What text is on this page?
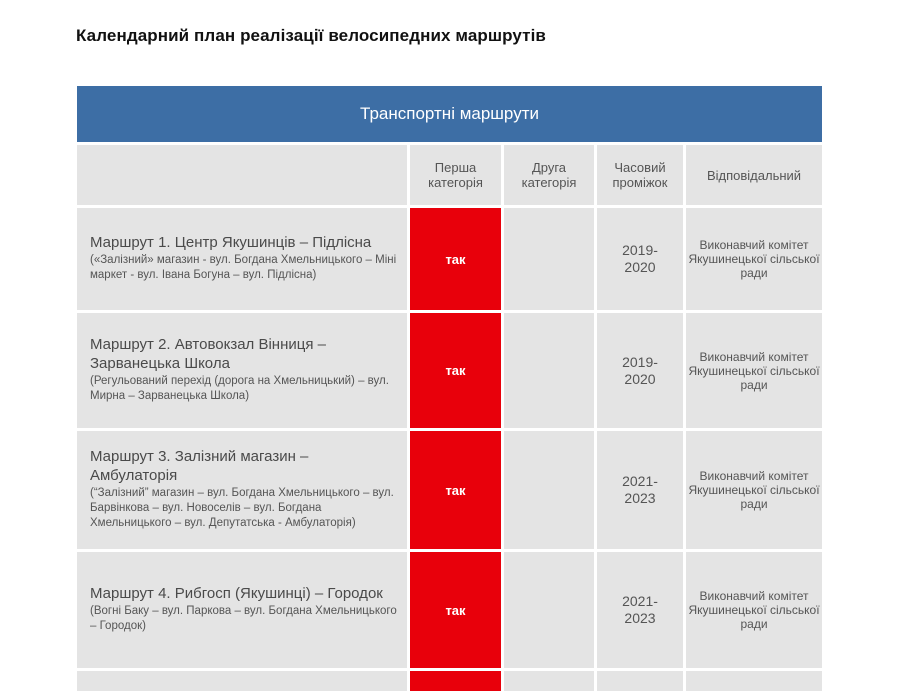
Календарний план реалізації велосипедних маршрутів
Транспортні маршрути				

	Перша категорія	Друга категорія	Часовий проміжок	Відповідальний

Маршрут 1. Центр Якушинців – Підлісна
(«Залізний» магазин - вул. Богдана Хмельницького – Міні маркет - вул. Івана Богуна – вул. Підлісна)	так		2019-2020	Виконавчий комітет Якушинецької сільської ради

Маршрут 2. Автовокзал Вінниця – Зарванецька Школа
(Регульований перехід (дорога на Хмельницький) – вул. Мирна – Зарванецька Школа)	так		2019-2020	Виконавчий комітет Якушинецької сільської ради

Маршрут 3. Залізний магазин – Амбулаторія
(“Залізний” магазин – вул. Богдана Хмельницького – вул. Барвінкова – вул. Новоселів – вул. Богдана Хмельницького – вул. Депутатська - Амбулаторія)	так		2021-2023	Виконавчий комітет Якушинецької сільської ради

Маршрут 4. Рибгосп (Якушинці) – Городок
(Вогні Баку – вул. Паркова – вул. Богдана Хмельницького – Городок)	так		2021-2023	Виконавчий комітет Якушинецької сільської ради
